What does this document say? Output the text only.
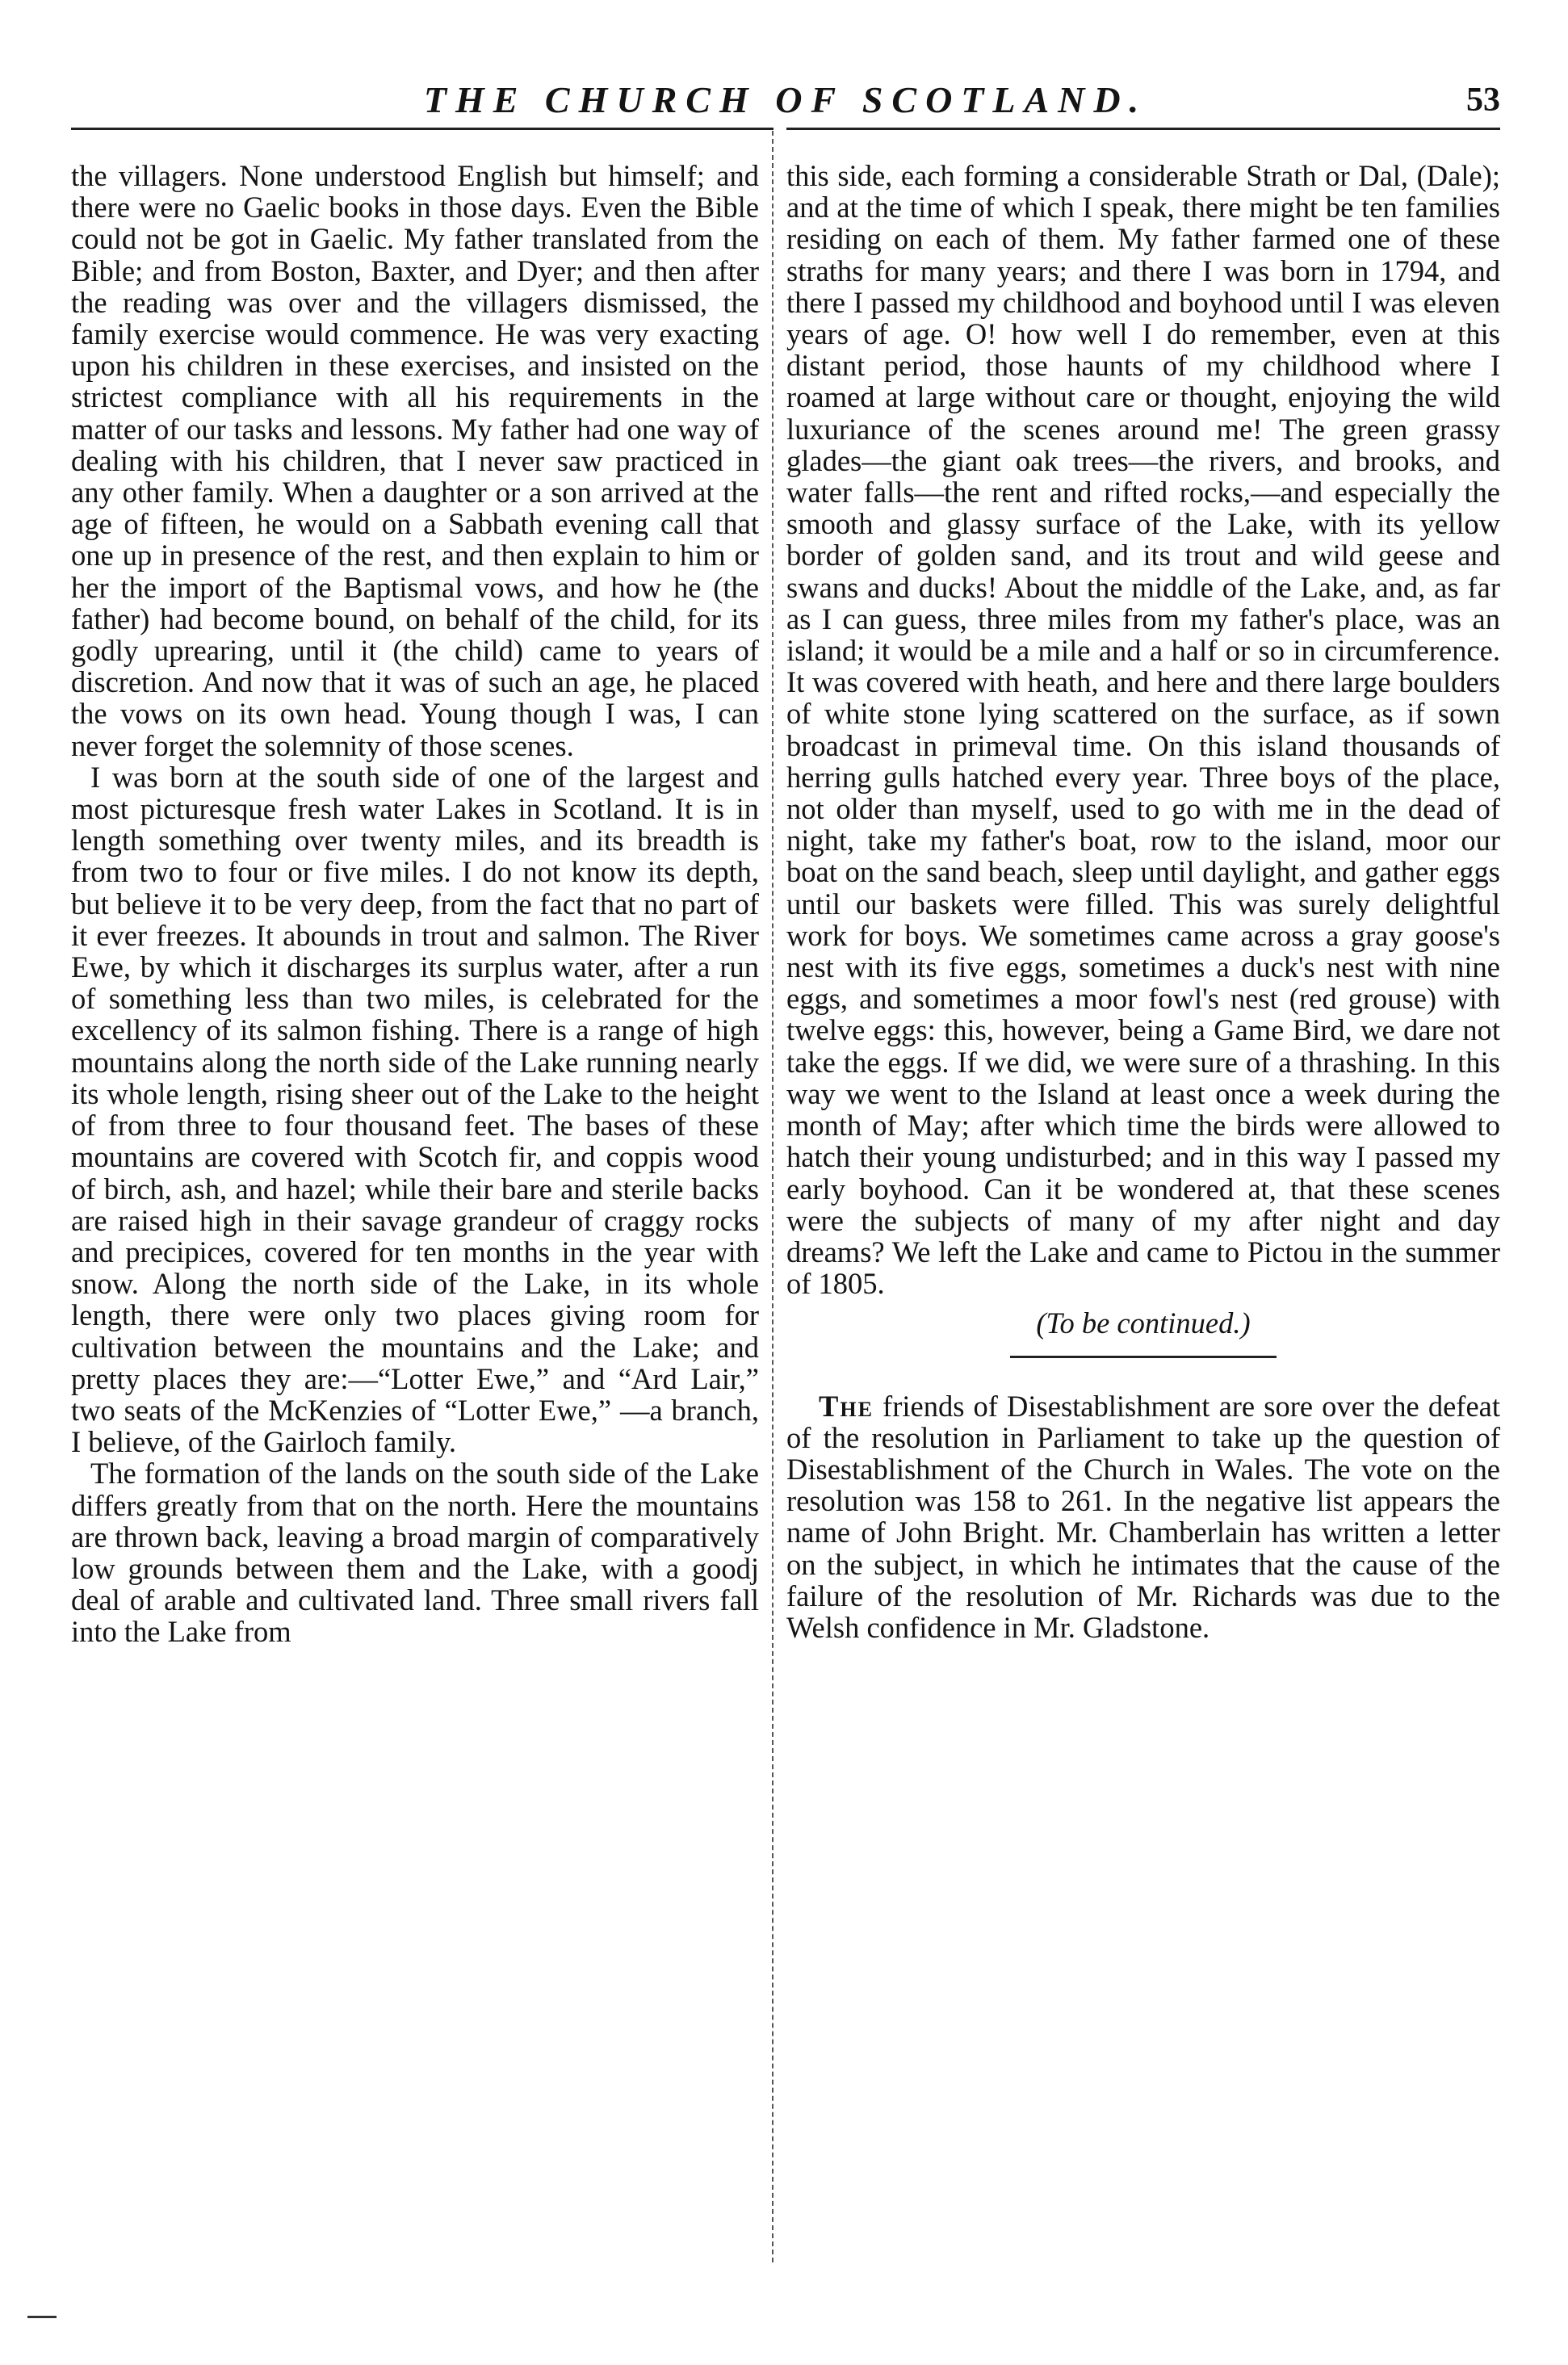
THE CHURCH OF SCOTLAND.	53

the villagers. None understood English but himself; and there were no Gaelic books in those days. Even the Bible could not be got in Gaelic. My father translated from the Bible; and from Boston, Baxter, and Dyer; and then after the reading was over and the villagers dismissed, the family exercise would commence. He was very exacting upon his children in these exercises, and insisted on the strictest compliance with all his requirements in the matter of our tasks and lessons. My father had one way of dealing with his children, that I never saw practiced in any other family. When a daughter or a son arrived at the age of fifteen, he would on a Sabbath evening call that one up in presence of the rest, and then explain to him or her the import of the Baptismal vows, and how he (the father) had become bound, on behalf of the child, for its godly uprearing, until it (the child) came to years of discretion. And now that it was of such an age, he placed the vows on its own head. Young though I was, I can never forget the solemnity of those scenes.

I was born at the south side of one of the largest and most picturesque fresh water Lakes in Scotland. It is in length something over twenty miles, and its breadth is from two to four or five miles. I do not know its depth, but believe it to be very deep, from the fact that no part of it ever freezes. It abounds in trout and salmon. The River Ewe, by which it discharges its surplus water, after a run of something less than two miles, is celebrated for the excellency of its salmon fishing. There is a range of high mountains along the north side of the Lake running nearly its whole length, rising sheer out of the Lake to the height of from three to four thousand feet. The bases of these mountains are covered with Scotch fir, and coppis wood of birch, ash, and hazel; while their bare and sterile backs are raised high in their savage grandeur of craggy rocks and precipices, covered for ten months in the year with snow. Along the north side of the Lake, in its whole length, there were only two places giving room for cultivation between the mountains and the Lake; and pretty places they are:—“Lotter Ewe,” and “Ard Lair,” two seats of the McKenzies of “Lotter Ewe,” —a branch, I believe, of the Gairloch family.

The formation of the lands on the south side of the Lake differs greatly from that on the north. Here the mountains are thrown back, leaving a broad margin of comparatively low grounds between them and the Lake, with a goodj deal of arable and cultivated land. Three small rivers fall into the Lake from

this side, each forming a considerable Strath or Dal, (Dale); and at the time of which I speak, there might be ten families residing on each of them. My father farmed one of these straths for many years; and there I was born in 1794, and there I passed my childhood and boyhood until I was eleven years of age. O! how well I do remember, even at this distant period, those haunts of my childhood where I roamed at large without care or thought, enjoying the wild luxuriance of the scenes around me! The green grassy glades—the giant oak trees—the rivers, and brooks, and water falls—the rent and rifted rocks,—and especially the smooth and glassy surface of the Lake, with its yellow border of golden sand, and its trout and wild geese and swans and ducks! About the middle of the Lake, and, as far as I can guess, three miles from my father's place, was an island; it would be a mile and a half or so in circumference. It was covered with heath, and here and there large boulders of white stone lying scattered on the surface, as if sown broadcast in primeval time. On this island thousands of herring gulls hatched every year. Three boys of the place, not older than myself, used to go with me in the dead of night, take my father's boat, row to the island, moor our boat on the sand beach, sleep until daylight, and gather eggs until our baskets were filled. This was surely delightful work for boys. We sometimes came across a gray goose's nest with its five eggs, sometimes a duck's nest with nine eggs, and sometimes a moor fowl's nest (red grouse) with twelve eggs: this, however, being a Game Bird, we dare not take the eggs. If we did, we were sure of a thrashing. In this way we went to the Island at least once a week during the month of May; after which time the birds were allowed to hatch their young undisturbed; and in this way I passed my early boyhood. Can it be wondered at, that these scenes were the subjects of many of my after night and day dreams? We left the Lake and came to Pictou in the summer of 1805.

(To be continued.)

The friends of Disestablishment are sore over the defeat of the resolution in Parliament to take up the question of Disestablishment of the Church in Wales. The vote on the resolution was 158 to 261. In the negative list appears the name of John Bright. Mr. Chamberlain has written a letter on the subject, in which he intimates that the cause of the failure of the resolution of Mr. Richards was due to the Welsh confidence in Mr. Gladstone.
